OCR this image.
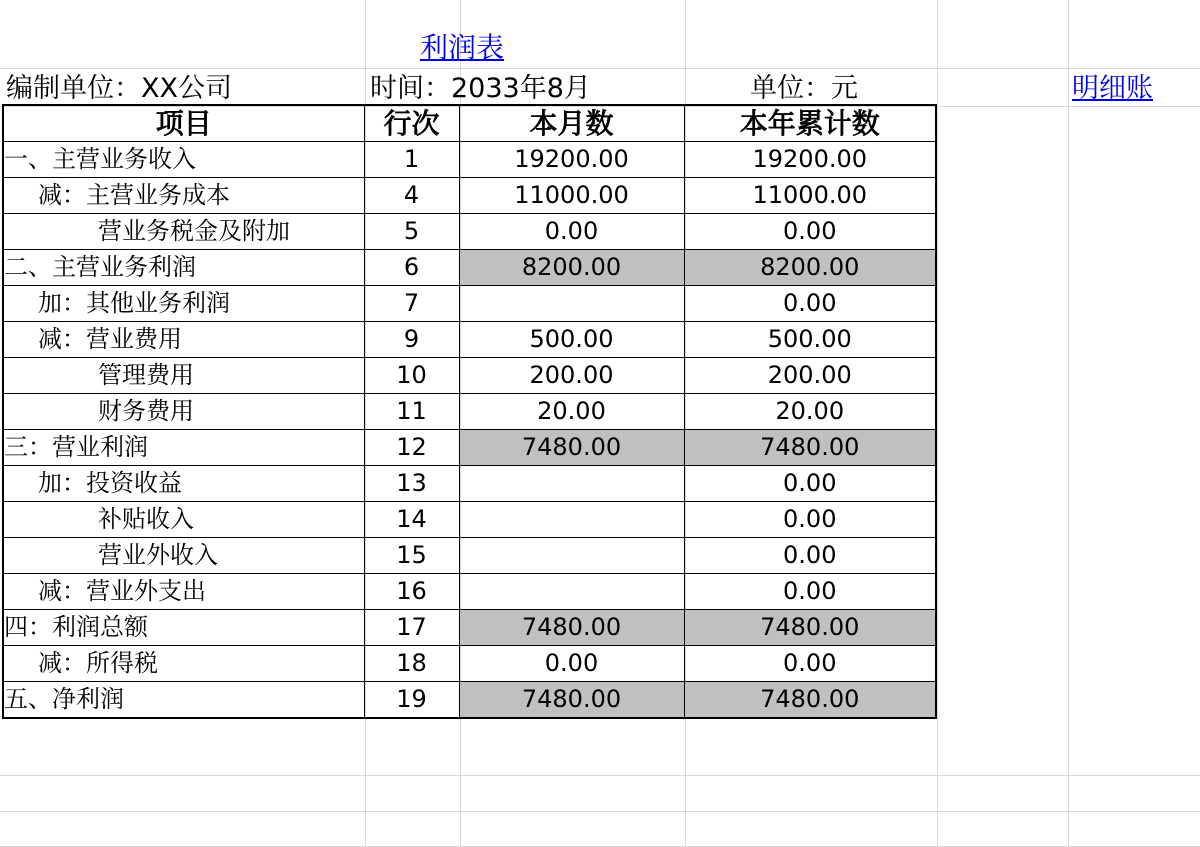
利润表
编制单位：XX公司	时间：2033年8月	单位：元	明细账
项目	行次	本月数	本年累计数
一、主营业务收入	1	19200.00	19200.00
减：主营业务成本	4	11000.00	11000.00
营业务税金及附加	5	0.00	0.00
二、主营业务利润	6	8200.00	8200.00
加：其他业务利润	7		0.00
减：营业费用	9	500.00	500.00
管理费用	10	200.00	200.00
财务费用	11	20.00	20.00
三：营业利润	12	7480.00	7480.00
加：投资收益	13		0.00
补贴收入	14		0.00
营业外收入	15		0.00
减：营业外支出	16		0.00
四：利润总额	17	7480.00	7480.00
减：所得税	18	0.00	0.00
五、净利润	19	7480.00	7480.00
